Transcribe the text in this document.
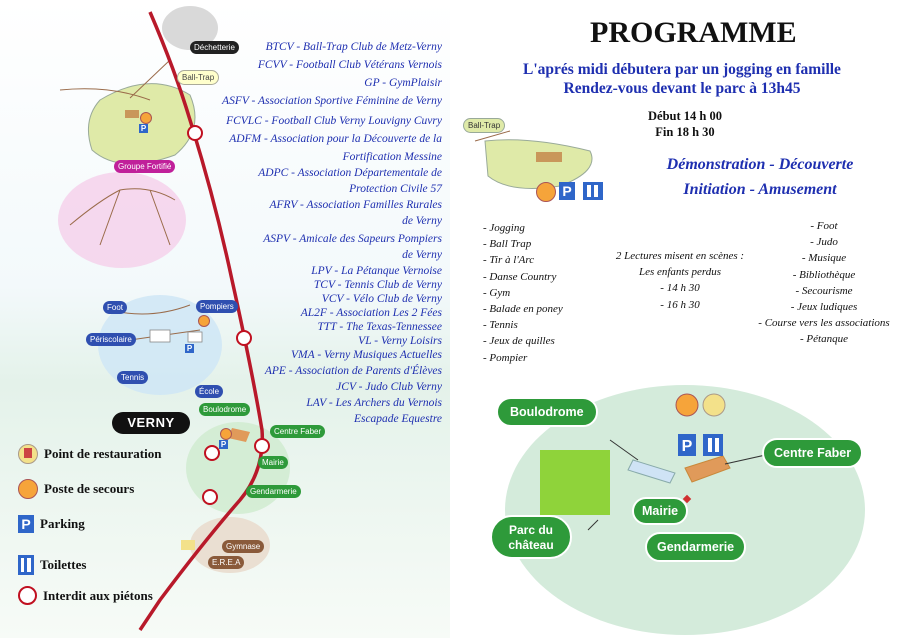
Déchetterie
Ball-Trap
Groupe Fortifié
Foot
Périscolaire
Tennis
Pompiers
École
Boulodrome
Centre Faber
Mairie
Gendarmerie
Gymnase
E.R.E.A
P
P
P
VERNY
Point de restauration
Poste de secours
P Parking
Toilettes
Interdit aux piétons
BTCV - Ball-Trap Club de Metz-Verny
FCVV - Football Club Vétérans Vernois
GP - GymPlaisir
ASFV - Association Sportive Féminine de Verny
FCVLC - Football Club Verny Louvigny Cuvry
ADFM - Association pour la Découverte de la
Fortification Messine
ADPC - Association Départementale de
Protection Civile 57
AFRV - Association Familles Rurales
de Verny
ASPV - Amicale des Sapeurs Pompiers
de Verny
LPV - La Pétanque Vernoise
TCV - Tennis Club de Verny
VCV - Vélo Club de Verny
AL2F - Association Les 2 Fées
TTT - The Texas-Tennessee
VL - Verny Loisirs
VMA - Verny Musiques Actuelles
APE - Association de Parents d'Élèves
JCV - Judo Club Verny
LAV - Les Archers du Vernois
Escapade Equestre
PROGRAMME
L'aprés midi débutera par un jogging en famille
Rendez-vous devant le parc à 13h45
Début 14 h 00
Fin 18 h 30
Démonstration - Découverte
Initiation - Amusement
Ball-Trap
P
- Jogging
- Ball Trap
- Tir à l'Arc
- Danse Country
- Gym
- Balade en poney
- Tennis
- Jeux de quilles
- Pompier
2 Lectures misent en scènes :
Les enfants perdus
- 14 h 30
- 16 h 30
- Foot
- Judo
- Musique
- Bibliothèque
- Secourisme
- Jeux ludiques
- Course vers les associations
- Pétanque
P
Boulodrome
Centre Faber
Mairie
Gendarmerie
Parc du
château
